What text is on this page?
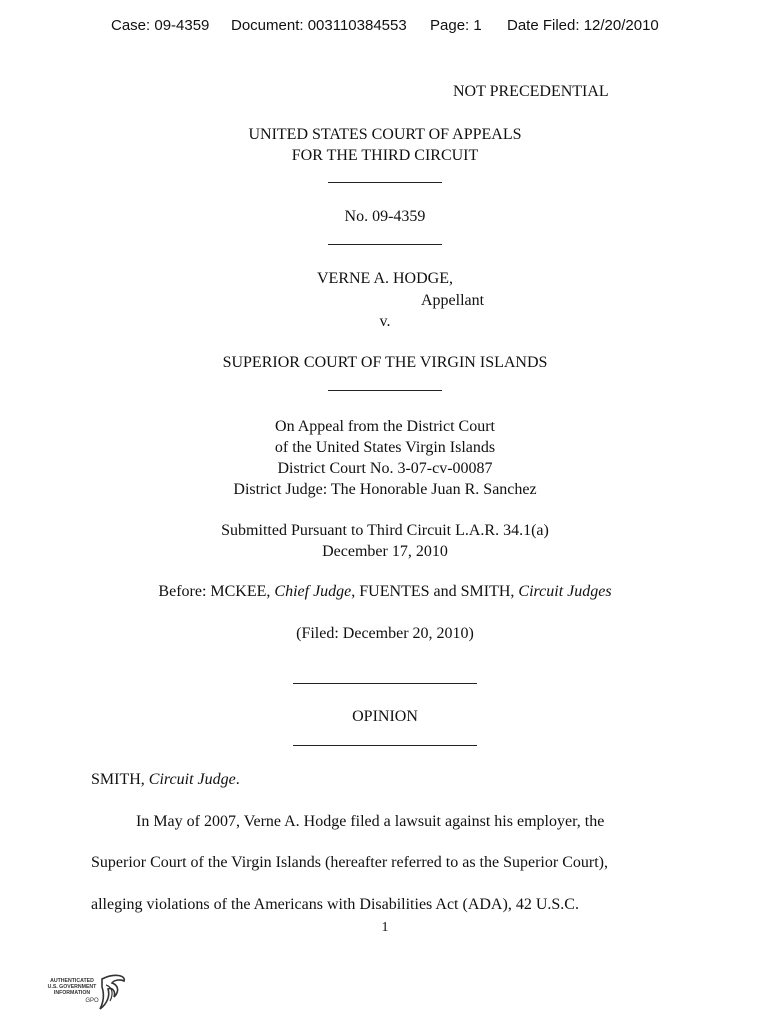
Case: 09-4359 Document: 003110384553 Page: 1 Date Filed: 12/20/2010
NOT PRECEDENTIAL
UNITED STATES COURT OF APPEALS
FOR THE THIRD CIRCUIT
No. 09-4359
VERNE A. HODGE,
Appellant
v.
SUPERIOR COURT OF THE VIRGIN ISLANDS
On Appeal from the District Court
of the United States Virgin Islands
District Court No. 3-07-cv-00087
District Judge: The Honorable Juan R. Sanchez
Submitted Pursuant to Third Circuit L.A.R. 34.1(a)
December 17, 2010
Before: MCKEE, Chief Judge, FUENTES and SMITH, Circuit Judges
(Filed: December 20, 2010)
OPINION
SMITH, Circuit Judge.
In May of 2007, Verne A. Hodge filed a lawsuit against his employer, the
Superior Court of the Virgin Islands (hereafter referred to as the Superior Court),
alleging violations of the Americans with Disabilities Act (ADA), 42 U.S.C.
1
AUTHENTICATED
U.S. GOVERNMENT
INFORMATION
GPO
